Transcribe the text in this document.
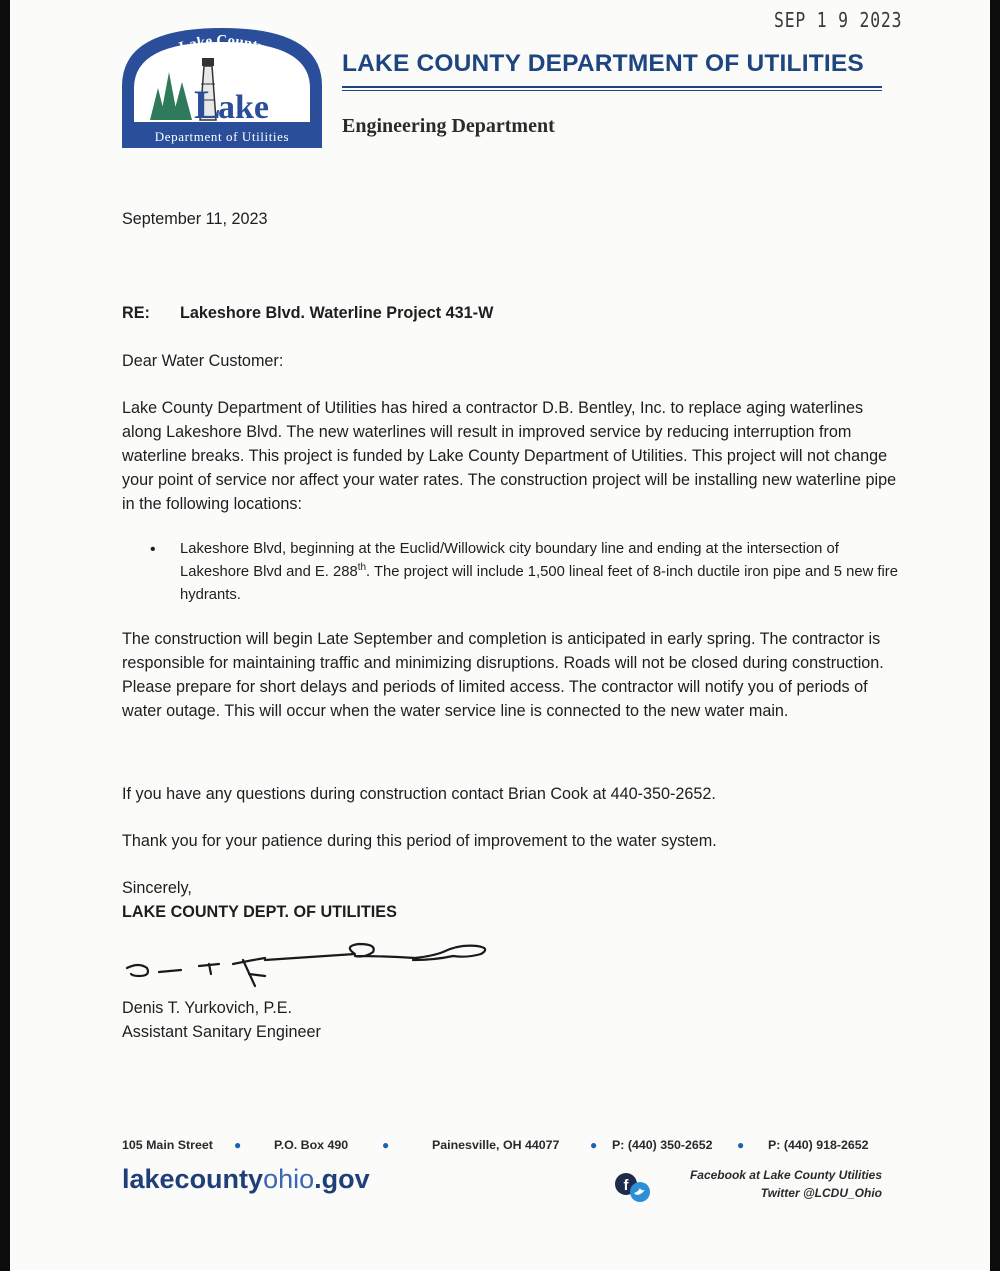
SEP 1 9 2023
Lake County
ake
L
Department of Utilities
LAKE COUNTY DEPARTMENT OF UTILITIES
Engineering Department
September 11, 2023
RE: Lakeshore Blvd. Waterline Project 431-W
Dear Water Customer:
Lake County Department of Utilities has hired a contractor D.B. Bentley, Inc. to replace aging waterlines along Lakeshore Blvd. The new waterlines will result in improved service by reducing interruption from waterline breaks. This project is funded by Lake County Department of Utilities. This project will not change your point of service nor affect your water rates. The construction project will be installing new waterline pipe in the following locations:
• Lakeshore Blvd, beginning at the Euclid/Willowick city boundary line and ending at the intersection of Lakeshore Blvd and E. 288th. The project will include 1,500 lineal feet of 8-inch ductile iron pipe and 5 new fire hydrants.
The construction will begin Late September and completion is anticipated in early spring. The contractor is responsible for maintaining traffic and minimizing disruptions. Roads will not be closed during construction. Please prepare for short delays and periods of limited access. The contractor will notify you of periods of water outage. This will occur when the water service line is connected to the new water main.
If you have any questions during construction contact Brian Cook at 440-350-2652.
Thank you for your patience during this period of improvement to the water system.
Sincerely,
LAKE COUNTY DEPT. OF UTILITIES
Denis T. Yurkovich, P.E.
Assistant Sanitary Engineer
105 Main Street ●	P.O. Box 490	●	Painesville, OH 44077	● P: (440) 350-2652 ● P: (440) 918-2652
lakecountyohio.gov	f
Facebook at Lake County Utilities
Twitter @LCDU_Ohio
